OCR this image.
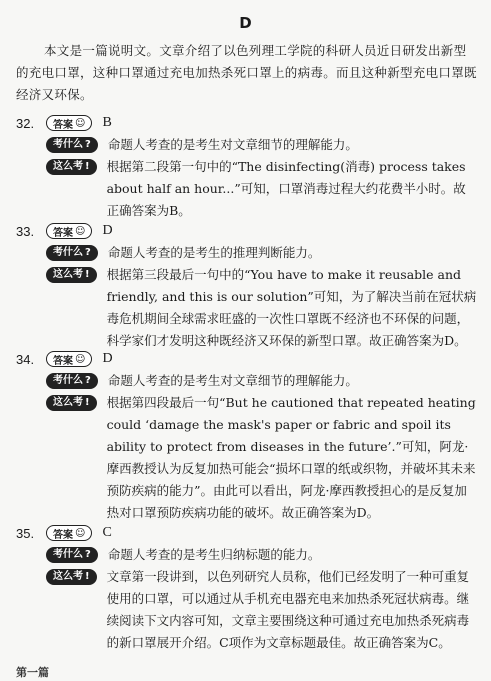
D
本文是一篇说明文。文章介绍了以色列理工学院的科研人员近日研发出新型的充电口罩，这种口罩通过充电加热杀死口罩上的病毒。而且这种新型充电口罩既经济又环保。
32.	答案 ☺ B
考什么 ? 命题人考查的是考生对文章细节的理解能力。
这么考 ! 根据第二段第一句中的“The disinfecting(消毒) process takes about half an hour...”可知，口罩消毒过程大约花费半小时。故正确答案为B。
33.	答案 ☺ D
考什么 ? 命题人考查的是考生的推理判断能力。
这么考 ! 根据第三段最后一句中的“You have to make it reusable and friendly, and this is our solution”可知，为了解决当前在冠状病毒危机期间全球需求旺盛的一次性口罩既不经济也不环保的问题，科学家们才发明这种既经济又环保的新型口罩。故正确答案为D。
34.	答案 ☺ D
考什么 ? 命题人考查的是考生对文章细节的理解能力。
这么考 ! 根据第四段最后一句“But he cautioned that repeated heating could ‘damage the mask's paper or fabric and spoil its ability to protect from diseases in the future’.”可知，阿龙·摩西教授认为反复加热可能会“损坏口罩的纸或织物，并破坏其未来预防疾病的能力”。由此可以看出，阿龙·摩西教授担心的是反复加热对口罩预防疾病功能的破坏。故正确答案为D。
35.	答案 ☺ C
考什么 ? 命题人考查的是考生归纳标题的能力。
这么考 ! 文章第一段讲到，以色列研究人员称，他们已经发明了一种可重复使用的口罩，可以通过从手机充电器充电来加热杀死冠状病毒。继续阅读下文内容可知，文章主要围绕这种可通过充电加热杀死病毒的新口罩展开介绍。C项作为文章标题最佳。故正确答案为C。
第一篇
